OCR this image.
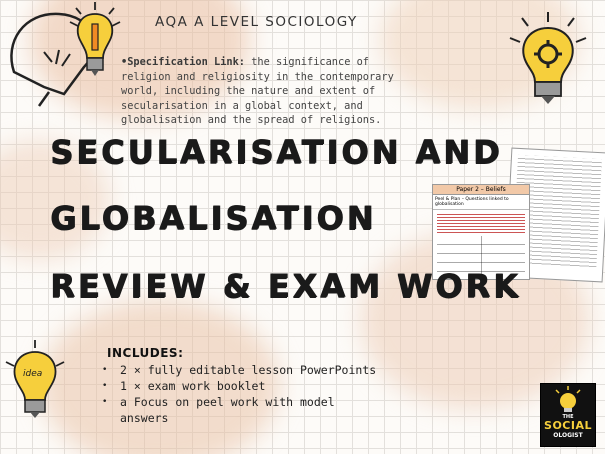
idea
AQA A LEVEL SOCIOLOGY
•Specification Link: the significance of religion and religiosity in the contemporary world, including the nature and extent of secularisation in a global context, and globalisation and the spread of religions.
Paper 2 – Beliefs
Peel & Plan – Questions linked to globalisation
SECULARISATION AND
GLOBALISATION
REVIEW & EXAM WORK
INCLUDES:
• 2 × fully editable lesson PowerPoints
• 1 × exam work booklet
• a Focus on peel work with model answers	THE
SOCIAL
OLOGIST
